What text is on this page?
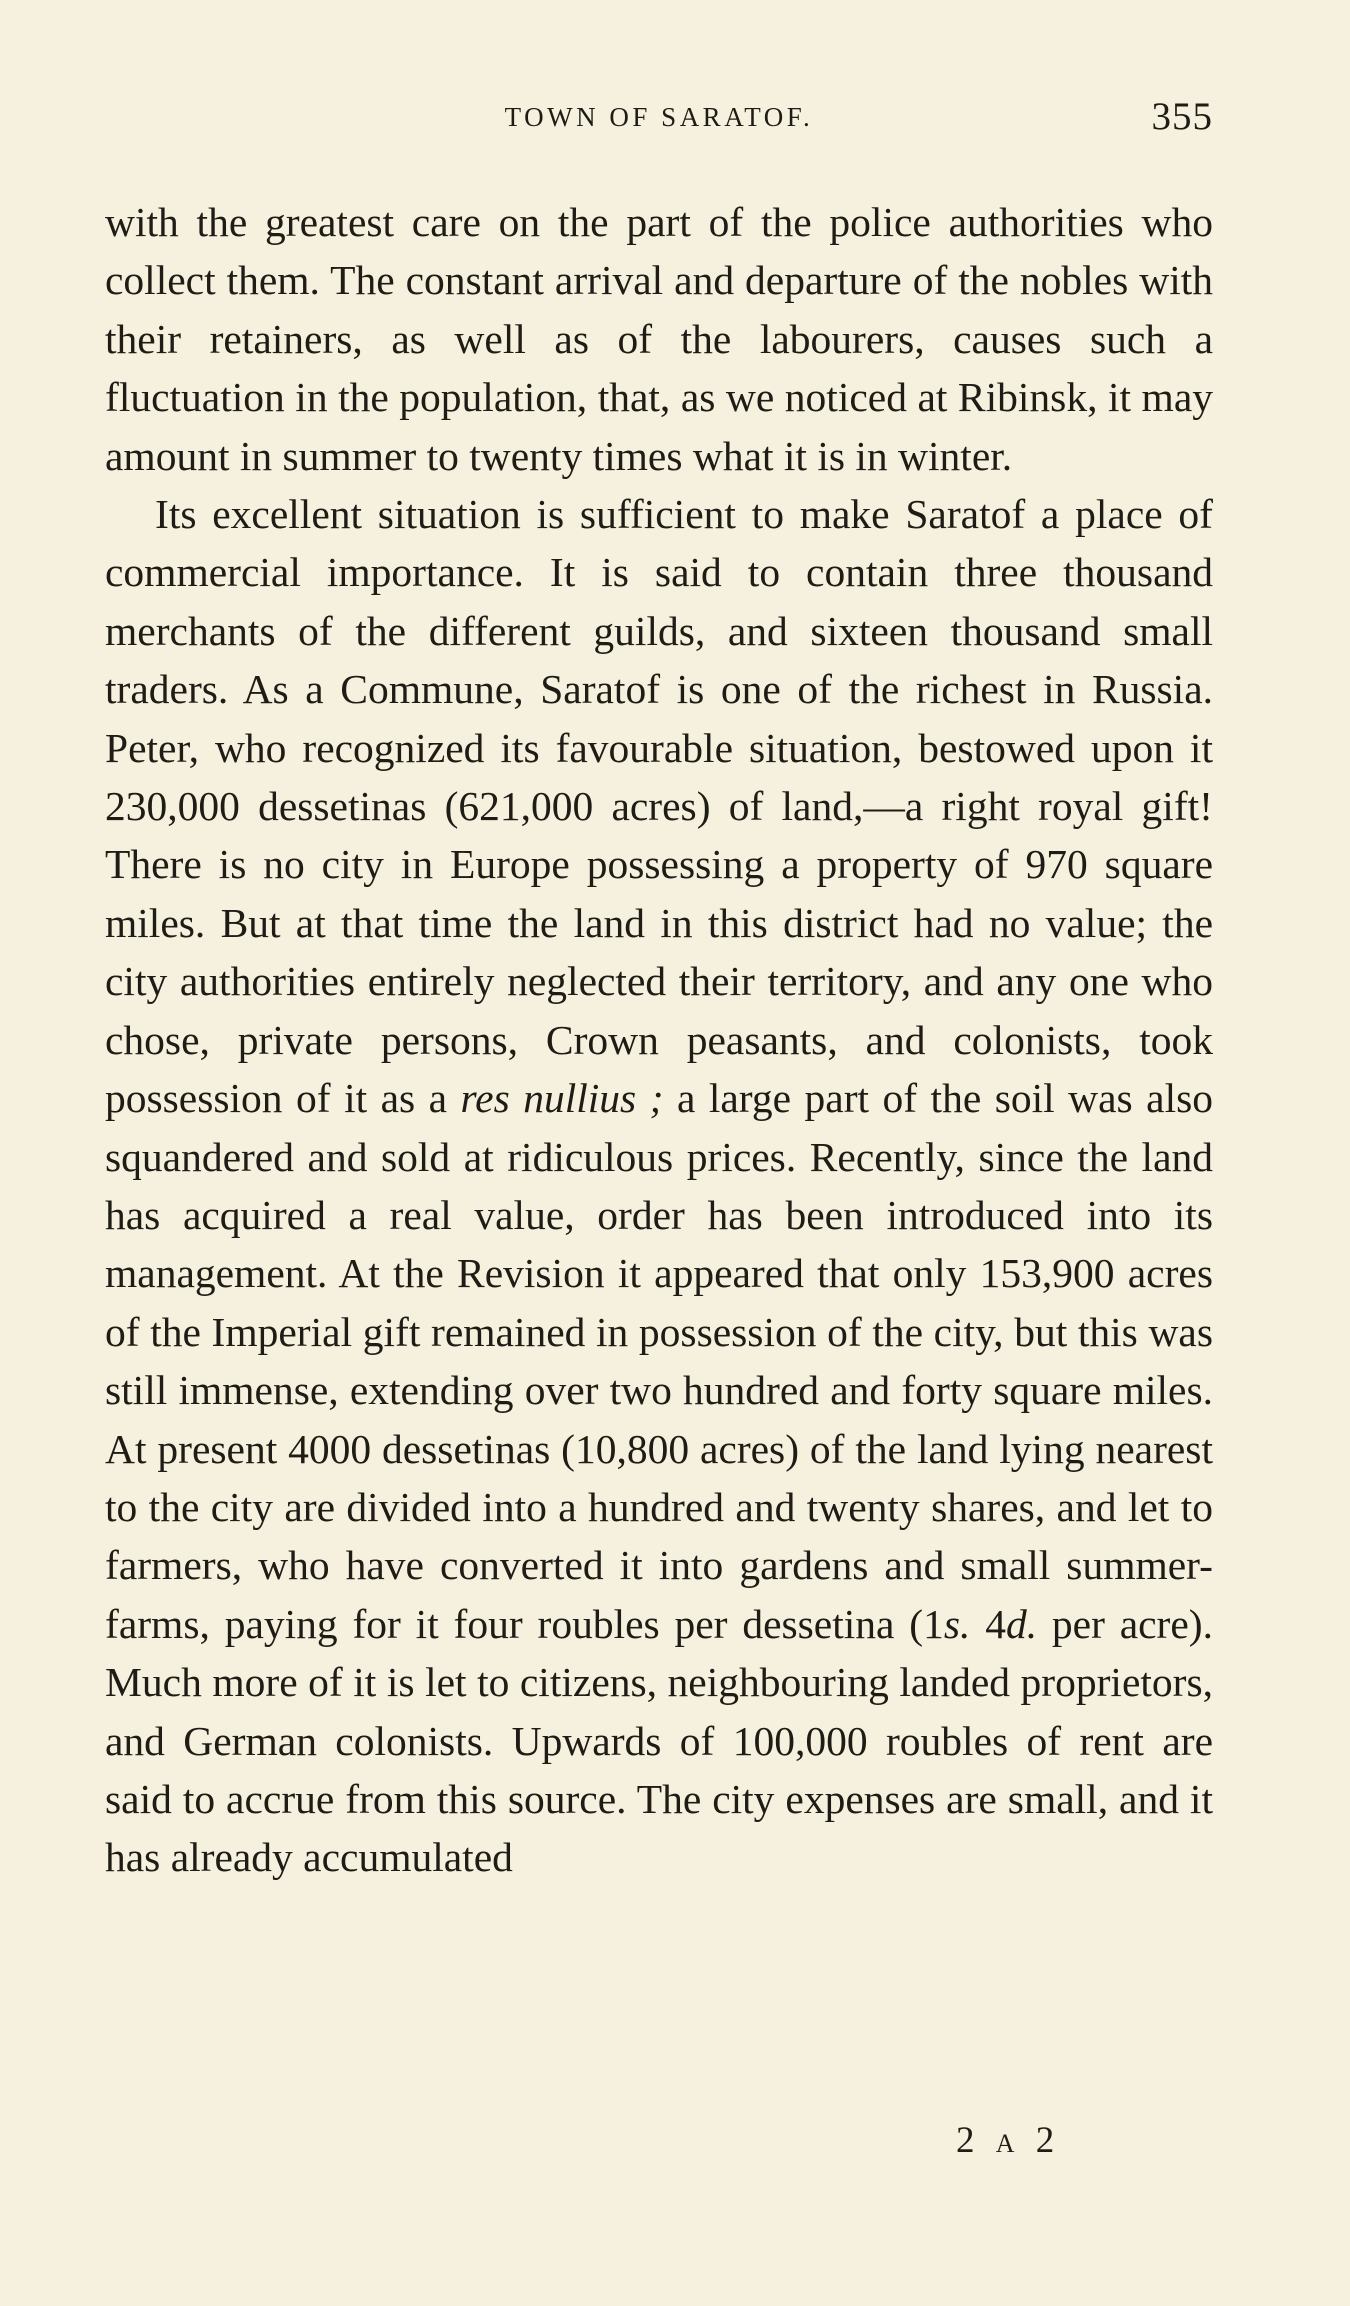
TOWN OF SARATOF.	355

with the greatest care on the part of the police authorities who collect them. The constant arrival and departure of the nobles with their retainers, as well as of the labourers, causes such a fluctuation in the population, that, as we noticed at Ribinsk, it may amount in summer to twenty times what it is in winter.

Its excellent situation is sufficient to make Saratof a place of commercial importance. It is said to contain three thousand merchants of the different guilds, and sixteen thousand small traders. As a Commune, Saratof is one of the richest in Russia. Peter, who recognized its favourable situation, bestowed upon it 230,000 dessetinas (621,000 acres) of land,—a right royal gift! There is no city in Europe possessing a property of 970 square miles. But at that time the land in this district had no value; the city authorities entirely neglected their territory, and any one who chose, private persons, Crown peasants, and colonists, took possession of it as a res nullius ; a large part of the soil was also squandered and sold at ridiculous prices. Recently, since the land has acquired a real value, order has been introduced into its management. At the Revision it appeared that only 153,900 acres of the Imperial gift remained in possession of the city, but this was still immense, extending over two hundred and forty square miles. At present 4000 dessetinas (10,800 acres) of the land lying nearest to the city are divided into a hundred and twenty shares, and let to farmers, who have converted it into gardens and small summer-farms, paying for it four roubles per dessetina (1s. 4d. per acre). Much more of it is let to citizens, neighbouring landed proprietors, and German colonists. Upwards of 100,000 roubles of rent are said to accrue from this source. The city expenses are small, and it has already accumulated

2 A 2
